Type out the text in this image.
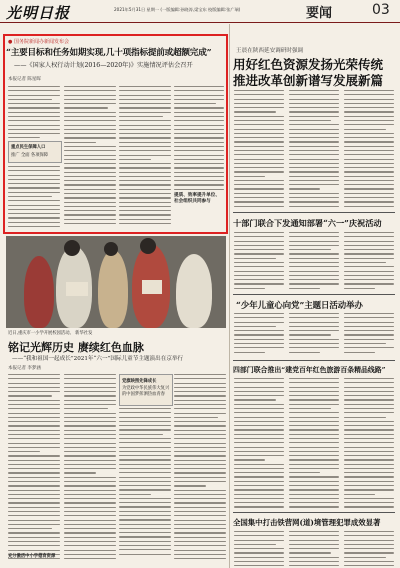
光明日报	2021年5月31日 星期一 (一版编辑:孙晓涛,梁宝东 校版编辑:张广瑞)	要闻	03
● 国务院新闻办新闻发布会
“主要目标和任务如期实现,几十项指标提前或超额完成”
——《国家人权行动计划(2016—2020年)》实施情况评估会召开
本报记者 陈星晖
重点民生保障人口
推广 全面 各项保障
提质、效率提升单位、社会组织共同参与
近日,重庆市一小学开展校园活动。 新华社发
铭记光辉历史 赓续红色血脉
——“我和祖国一起成长”2021年“六一”国际儿童节主题演出在京举行
本报记者 李梦涵
党旗映照先锋成长
为党政中华民族伟大复兴的中国梦挥洒热血青春
充分激活中小学德育资源
王晨在陕西延安调研时强调
用好红色资源发扬光荣传统
推进改革创新谱写发展新篇
十部门联合下发通知部署“六一”庆祝活动
“少年儿童心向党”主题日活动举办
四部门联合推出“建党百年红色旅游百条精品线路”
全国集中打击铁营网(道)境管理犯罪成效显著
